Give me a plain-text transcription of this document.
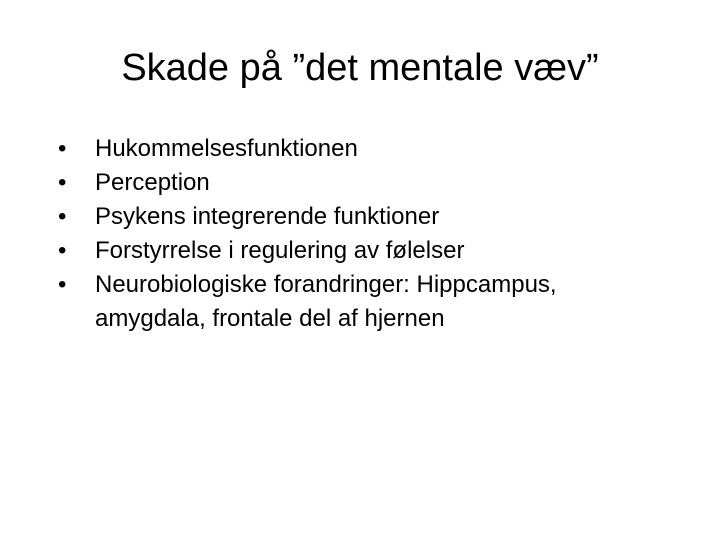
Skade på ”det mentale væv”
•	Hukommelsesfunktionen
•	Perception
•	Psykens integrerende funktioner
•	Forstyrrelse i regulering av følelser
•	Neurobiologiske forandringer: Hippcampus, amygdala, frontale del af hjernen
